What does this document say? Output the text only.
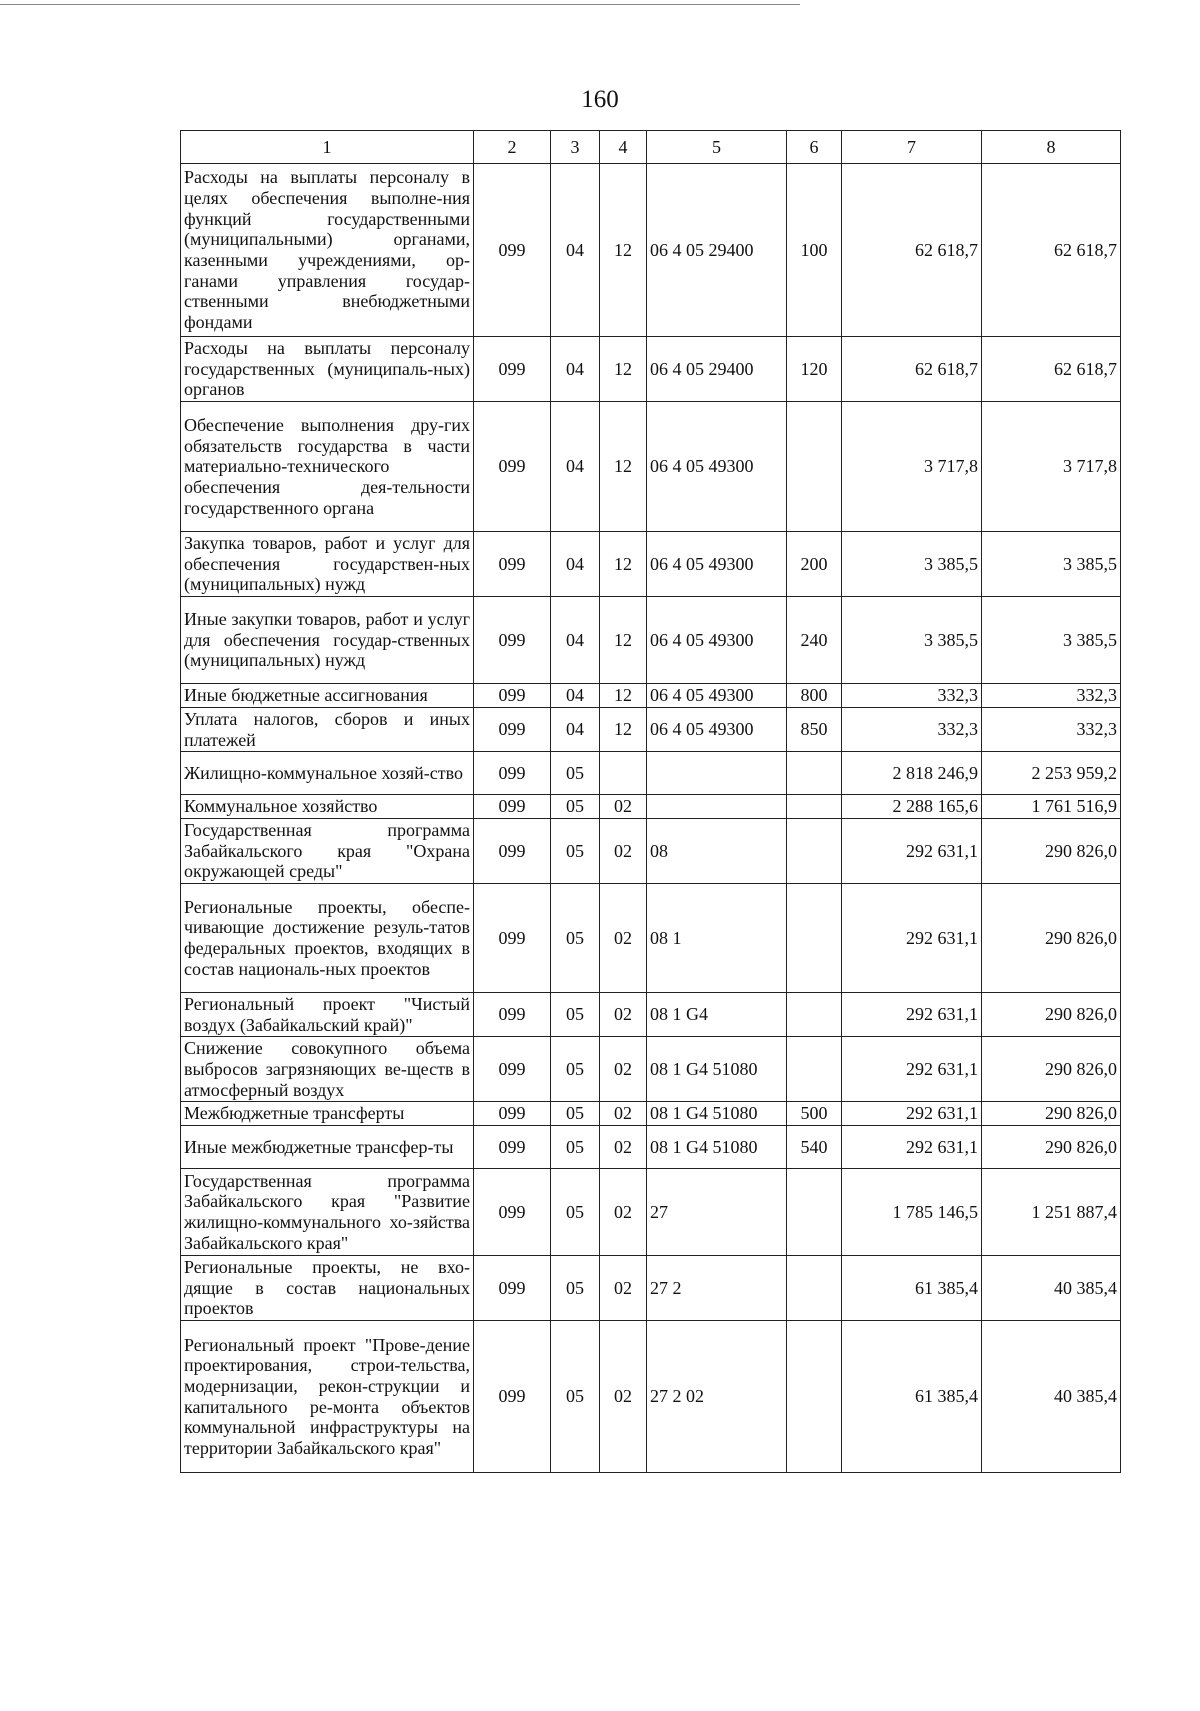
160
1	2	3	4	5	6	7	8
Расходы на выплаты персоналу в целях обеспечения выполне-ния функций государственными (муниципальными) органами, казенными учреждениями, ор-ганами управления государ-ственными внебюджетными фондами	099	04	12	06 4 05 29400	100	62 618,7	62 618,7
Расходы на выплаты персоналу государственных (муниципаль-ных) органов	099	04	12	06 4 05 29400	120	62 618,7	62 618,7
Обеспечение выполнения дру-гих обязательств государства в части материально-технического обеспечения дея-тельности государственного органа	099	04	12	06 4 05 49300		3 717,8	3 717,8
Закупка товаров, работ и услуг для обеспечения государствен-ных (муниципальных) нужд	099	04	12	06 4 05 49300	200	3 385,5	3 385,5
Иные закупки товаров, работ и услуг для обеспечения государ-ственных (муниципальных) нужд	099	04	12	06 4 05 49300	240	3 385,5	3 385,5
Иные бюджетные ассигнования	099	04	12	06 4 05 49300	800	332,3	332,3
Уплата налогов, сборов и иных платежей	099	04	12	06 4 05 49300	850	332,3	332,3
Жилищно-коммунальное хозяй-ство	099	05				2 818 246,9	2 253 959,2
Коммунальное хозяйство	099	05	02			2 288 165,6	1 761 516,9
Государственная программа Забайкальского края "Охрана окружающей среды"	099	05	02	08		292 631,1	290 826,0
Региональные проекты, обеспе-чивающие достижение резуль-татов федеральных проектов, входящих в состав националь-ных проектов	099	05	02	08 1		292 631,1	290 826,0
Региональный проект "Чистый воздух (Забайкальский край)"	099	05	02	08 1 G4		292 631,1	290 826,0
Снижение совокупного объема выбросов загрязняющих ве-ществ в атмосферный воздух	099	05	02	08 1 G4 51080		292 631,1	290 826,0
Межбюджетные трансферты	099	05	02	08 1 G4 51080	500	292 631,1	290 826,0
Иные межбюджетные трансфер-ты	099	05	02	08 1 G4 51080	540	292 631,1	290 826,0
Государственная программа Забайкальского края "Развитие жилищно-коммунального хо-зяйства Забайкальского края"	099	05	02	27		1 785 146,5	1 251 887,4
Региональные проекты, не вхо-дящие в состав национальных проектов	099	05	02	27 2		61 385,4	40 385,4
Региональный проект "Прове-дение проектирования, строи-тельства, модернизации, рекон-струкции и капитального ре-монта объектов коммунальной инфраструктуры на территории Забайкальского края"	099	05	02	27 2 02		61 385,4	40 385,4
